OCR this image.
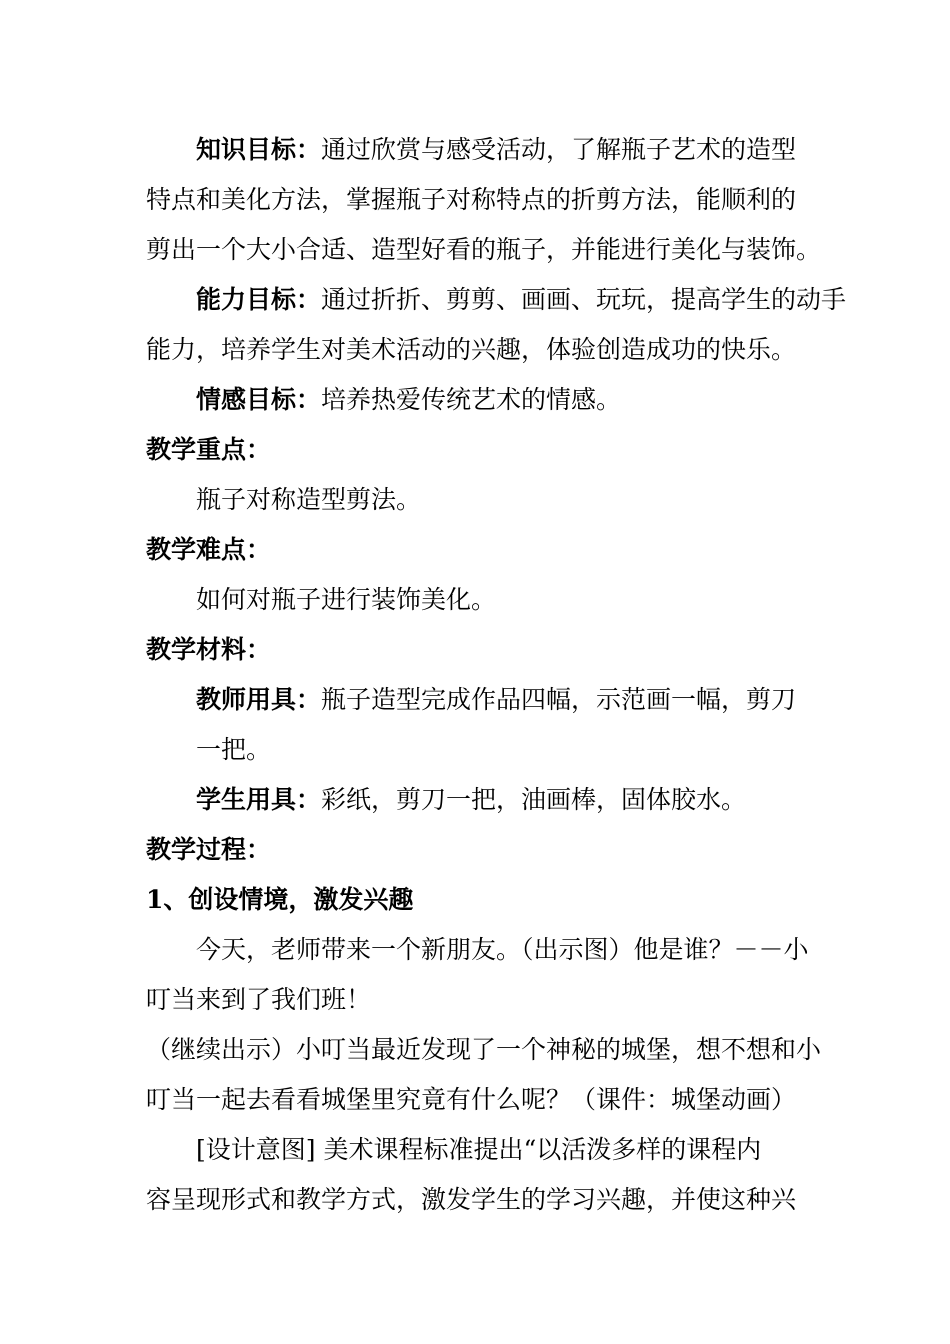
知识目标：通过欣赏与感受活动，了解瓶子艺术的造型
特点和美化方法，掌握瓶子对称特点的折剪方法，能顺利的
剪出一个大小合适、造型好看的瓶子，并能进行美化与装饰。
能力目标：通过折折、剪剪、画画、玩玩，提高学生的动手
能力，培养学生对美术活动的兴趣，体验创造成功的快乐。
情感目标：培养热爱传统艺术的情感。
教学重点：
瓶子对称造型剪法。
教学难点：
如何对瓶子进行装饰美化。
教学材料：
教师用具：瓶子造型完成作品四幅，示范画一幅，剪刀
一把。
学生用具：彩纸，剪刀一把，油画棒，固体胶水。
教学过程：
1、创设情境，激发兴趣
今天，老师带来一个新朋友。（出示图）他是谁？－－小
叮当来到了我们班！
（继续出示）小叮当最近发现了一个神秘的城堡，想不想和小
叮当一起去看看城堡里究竟有什么呢？（课件：城堡动画）
[设计意图] 美术课程标准提出“以活泼多样的课程内
容呈现形式和教学方式，激发学生的学习兴趣，并使这种兴
